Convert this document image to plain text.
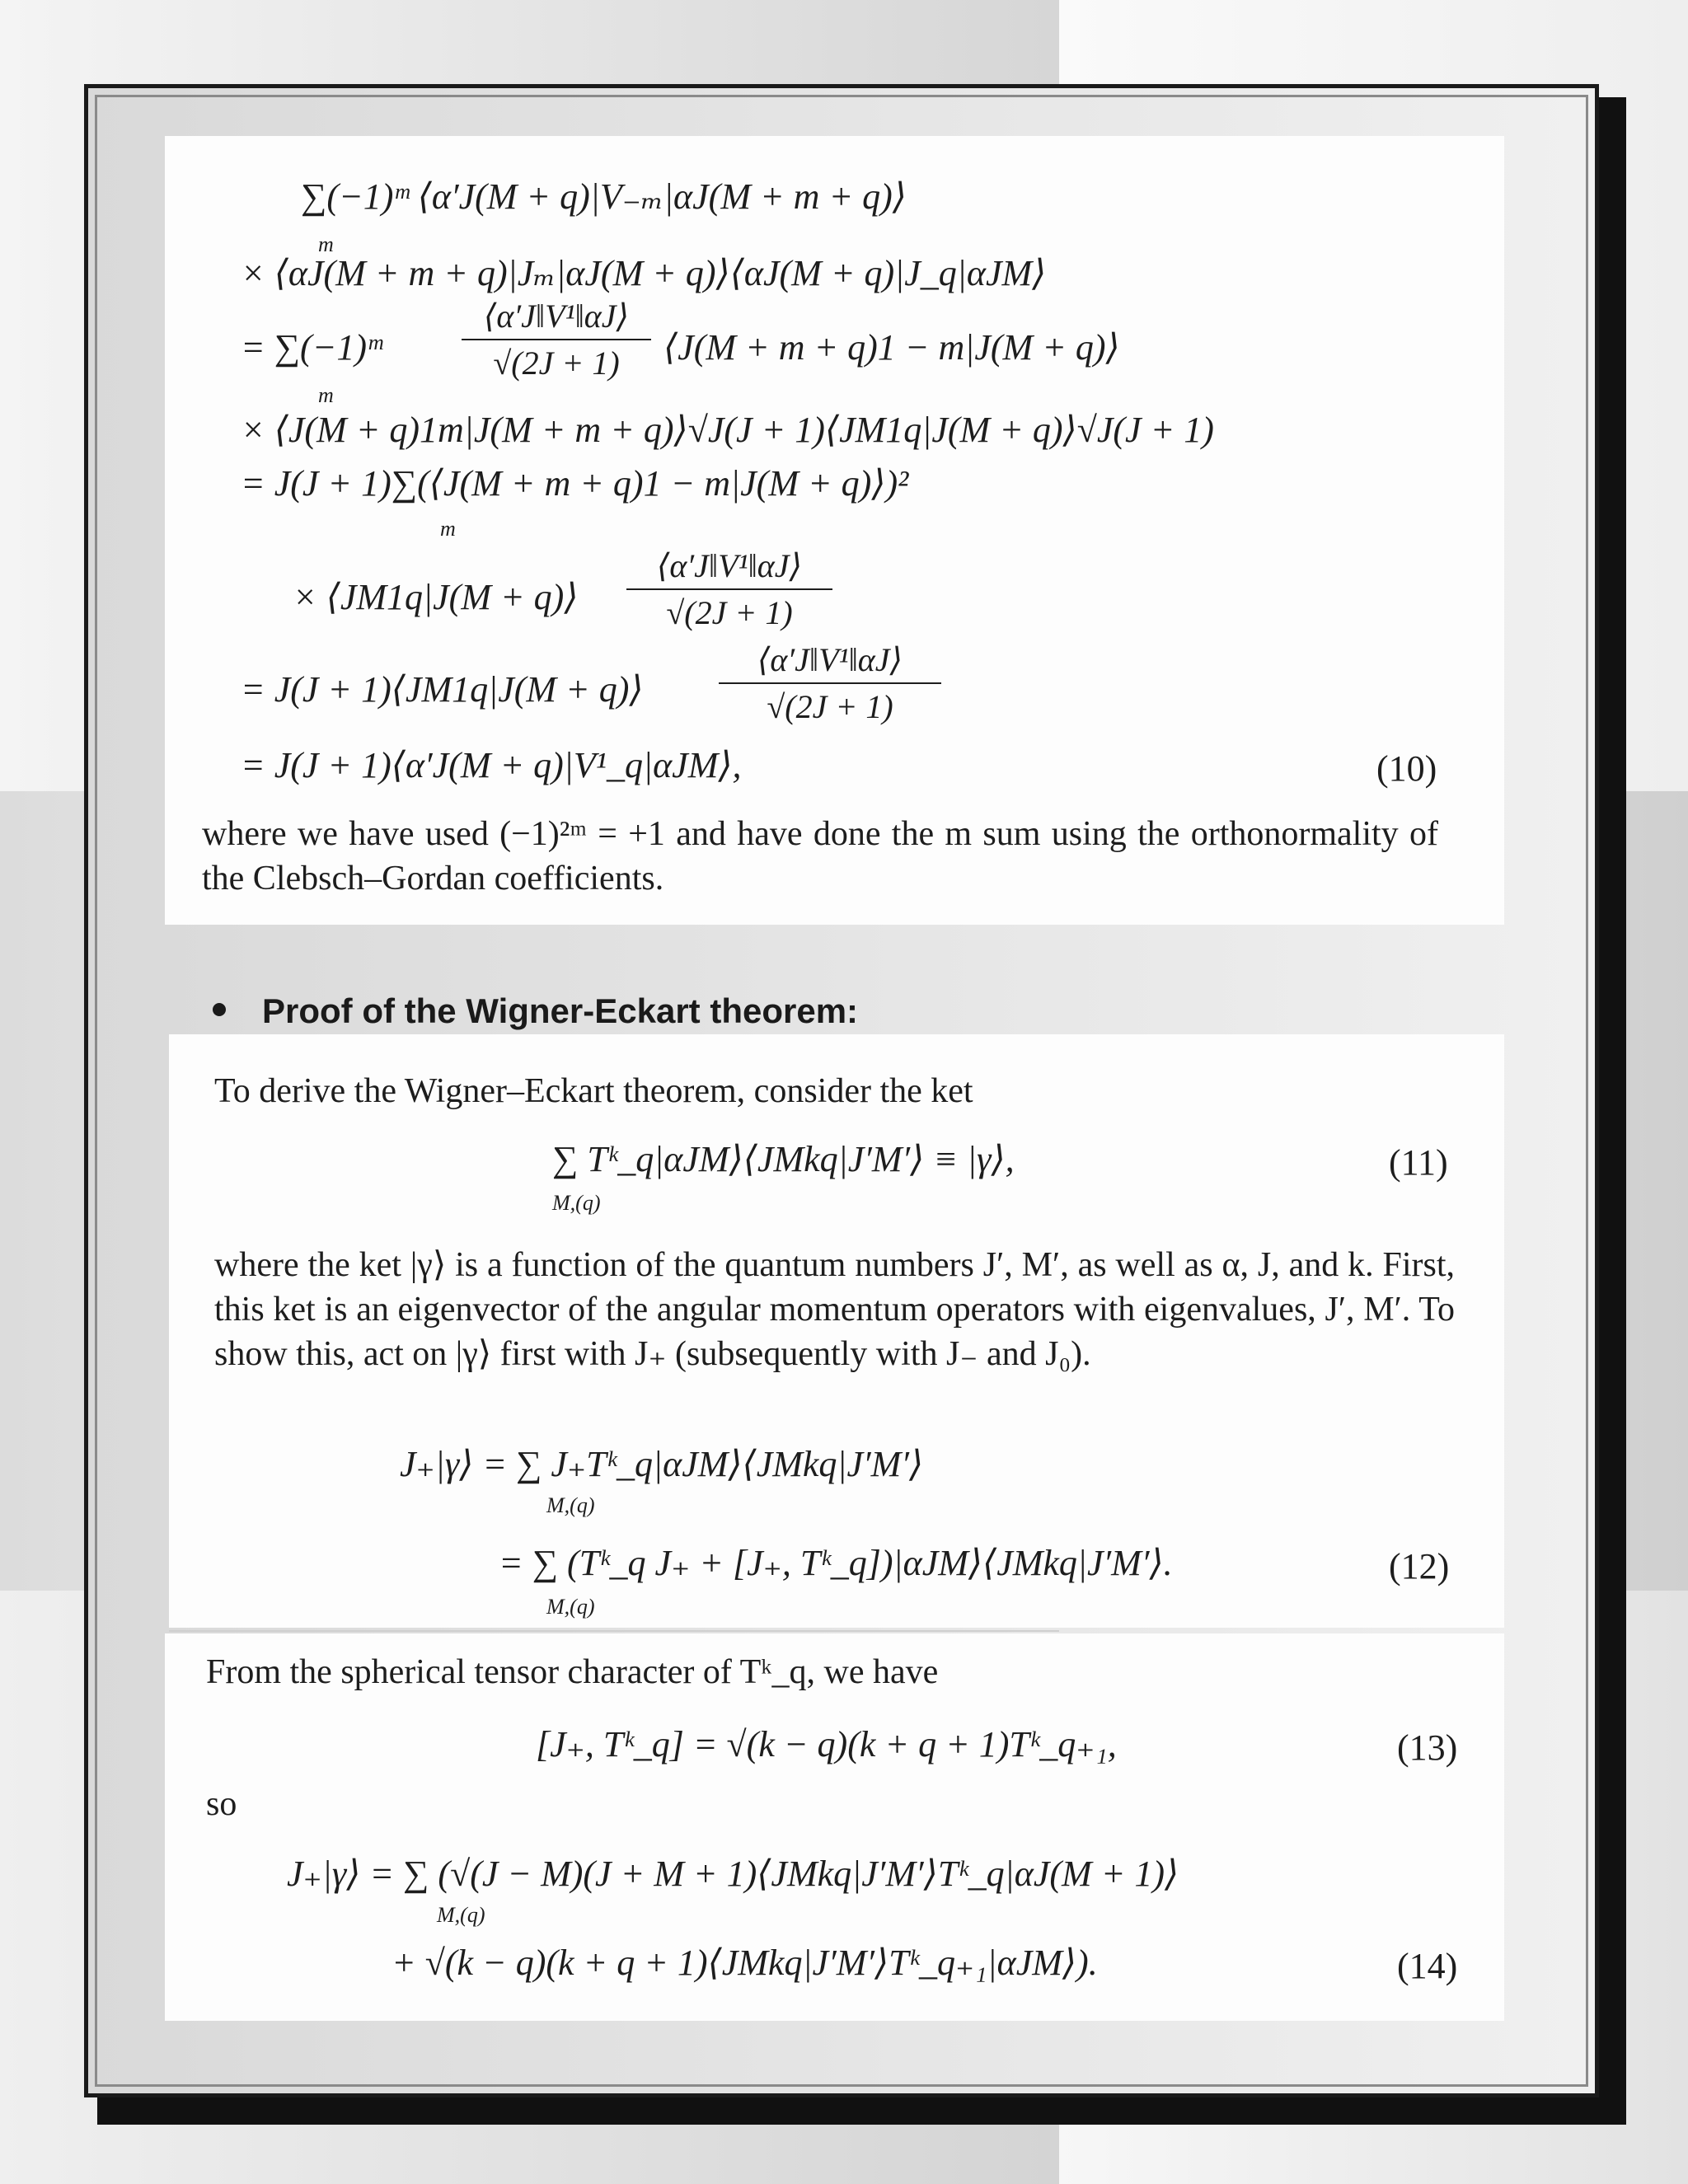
∑(−1)ᵐ ⟨α′J(M + q)|V₋ₘ|αJ(M + m + q)⟩
m
× ⟨αJ(M + m + q)|Jₘ|αJ(M + q)⟩⟨αJ(M + q)|J_q|αJM⟩
= ∑(−1)ᵐ
⟨α′J‖V¹‖αJ⟩
√(2J + 1)	⟨J(M + m + q)1 − m|J(M + q)⟩
m
× ⟨J(M + q)1m|J(M + m + q)⟩√J(J + 1)⟨JM1q|J(M + q)⟩√J(J + 1)
= J(J + 1)∑(⟨J(M + m + q)1 − m|J(M + q)⟩)²
m
× ⟨JM1q|J(M + q)⟩
⟨α′J‖V¹‖αJ⟩
√(2J + 1)
= J(J + 1)⟨JM1q|J(M + q)⟩
⟨α′J‖V¹‖αJ⟩
√(2J + 1)
= J(J + 1)⟨α′J(M + q)|V¹_q|αJM⟩,	(10)
where we have used (−1)²ᵐ = +1 and have done the m sum using the orthonormality of the Clebsch–Gordan coefficients.
Proof of the Wigner-Eckart theorem:
To derive the Wigner–Eckart theorem, consider the ket
∑ Tᵏ_q|αJM⟩⟨JMkq|J′M′⟩ ≡ |γ⟩,
M,(q)
(11)
where the ket |γ⟩ is a function of the quantum numbers J′, M′, as well as α, J, and k. First, this ket is an eigenvector of the angular momentum operators with eigenvalues, J′, M′. To show this, act on |γ⟩ first with J₊ (subsequently with J₋ and J₀).
J₊|γ⟩ = ∑ J₊Tᵏ_q|αJM⟩⟨JMkq|J′M′⟩
M,(q)
= ∑ (Tᵏ_q J₊ + [J₊, Tᵏ_q])|αJM⟩⟨JMkq|J′M′⟩.
M,(q)
(12)
From the spherical tensor character of Tᵏ_q, we have
[J₊, Tᵏ_q] = √(k − q)(k + q + 1)Tᵏ_q₊₁,	(13)
so
J₊|γ⟩ = ∑ (√(J − M)(J + M + 1)⟨JMkq|J′M′⟩Tᵏ_q|αJ(M + 1)⟩
M,(q)
+ √(k − q)(k + q + 1)⟨JMkq|J′M′⟩Tᵏ_q₊₁|αJM⟩).	(14)
